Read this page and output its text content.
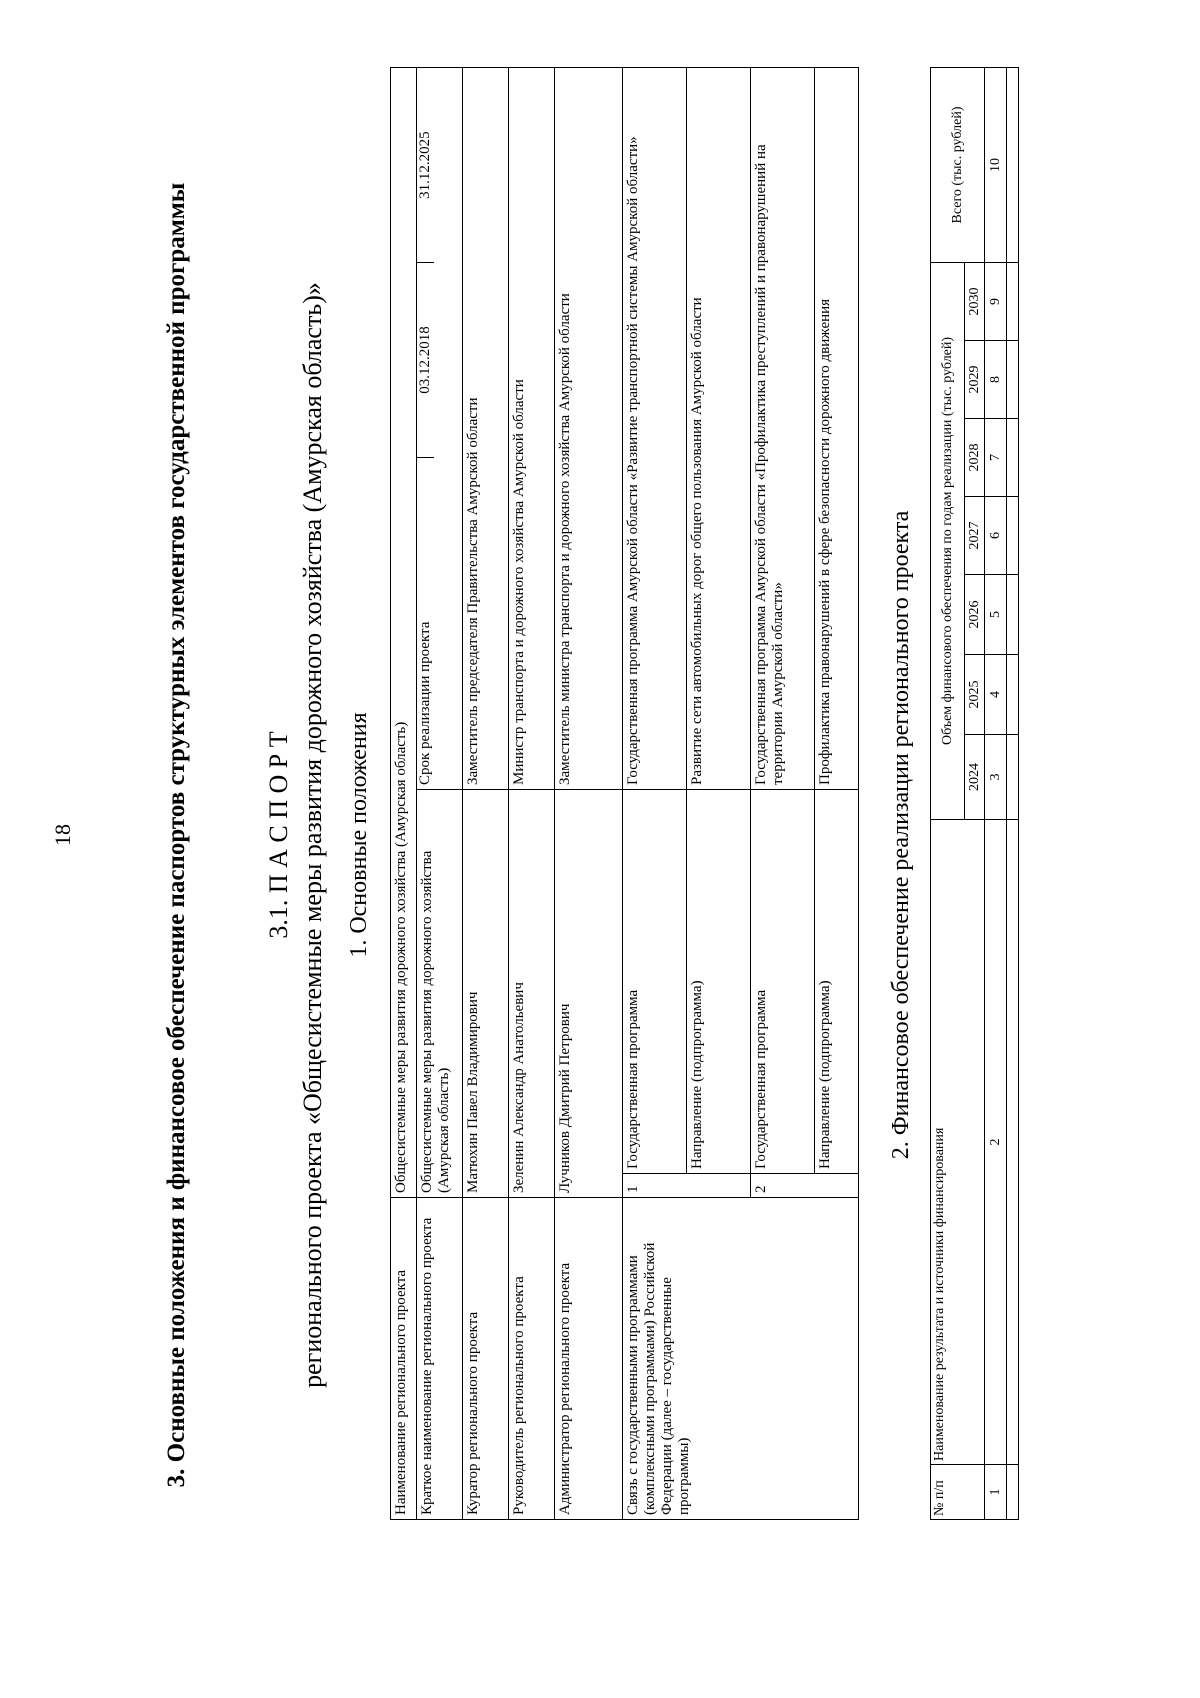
18	3. Основные положения и финансовое обеспечение паспортов структурных элементов государственной программы	3.1. П А С П О Р Т регионального проекта «Общесистемные меры развития дорожного хозяйства (Амурская область)» 1. Основные положения
Наименование регионального проекта	Общесистемные меры развития дорожного хозяйства (Амурская область)
Краткое наименование регионального проекта	Общесистемные меры развития дорожного хозяйства (Амурская область)	
Срок реализации проекта	03.12.2018	31.12.2025

Куратор регионального проекта	Матюхин Павел Владимирович	Заместитель председателя Правительства Амурской области
Руководитель регионального проекта	Зеленин Александр Анатольевич	Министр транспорта и дорожного хозяйства Амурской области
Администратор регионального проекта	Лучников Дмитрий Петрович	Заместитель министра транспорта и дорожного хозяйства Амурской области
Связь с государственными программами (комплексными программами) Российской Федерации (далее – государственные программы)	1	Государственная программа	Государственная программа Амурской области «Развитие транспортной системы Амурской области»
Направление (подпрограмма)	Развитие сети автомобильных дорог общего пользования Амурской области
2	Государственная программа	Государственная программа Амурской области «Профилактика преступлений и правонарушений на территории Амурской области»
Направление (подпрограмма)	Профилактика правонарушений в сфере безопасности дорожного движения 2. Финансовое обеспечение реализации регионального проекта
№ п/п	Наименование результата и источники финансирования	Объем финансового обеспечения по годам реализации (тыс. рублей)							Всего (тыс. рублей)
		2024	2025	2026	2027	2028	2029	2030	
1	2	3	4	5	6	7	8	9	10
